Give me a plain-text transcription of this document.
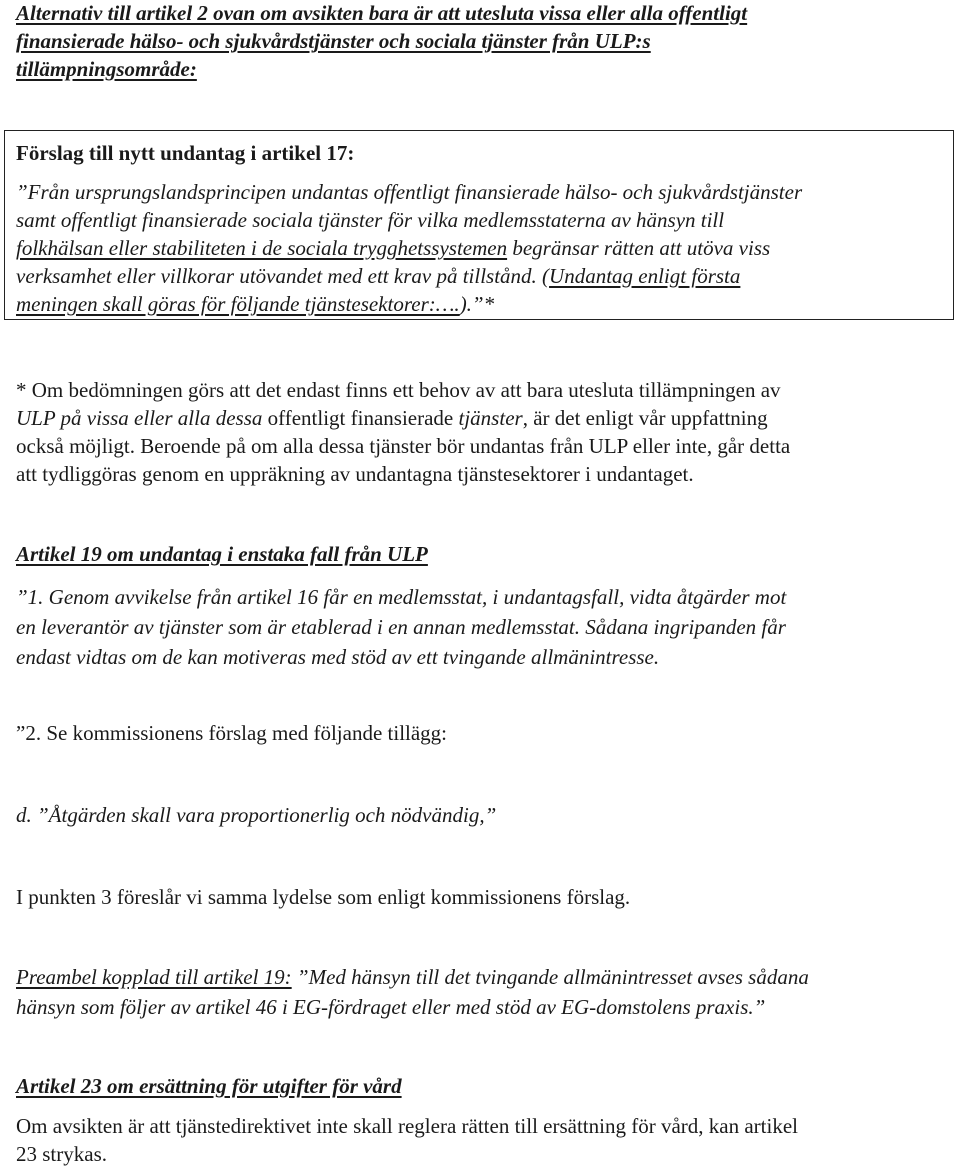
Alternativ till artikel 2 ovan om avsikten bara är att utesluta vissa eller alla offentligt
finansierade hälso- och sjukvårdstjänster och sociala tjänster från ULP:s
tillämpningsområde:
Förslag till nytt undantag i artikel 17:
”Från ursprungslandsprincipen undantas offentligt finansierade hälso- och sjukvårdstjänster
samt offentligt finansierade sociala tjänster för vilka medlemsstaterna av hänsyn till
folkhälsan eller stabiliteten i de sociala trygghetssystemen begränsar rätten att utöva viss
verksamhet eller villkorar utövandet med ett krav på tillstånd. (Undantag enligt första
meningen skall göras för följande tjänstesektorer:….).”*
* Om bedömningen görs att det endast finns ett behov av att bara utesluta tillämpningen av
ULP på vissa eller alla dessa offentligt finansierade tjänster, är det enligt vår uppfattning
också möjligt. Beroende på om alla dessa tjänster bör undantas från ULP eller inte, går detta
att tydliggöras genom en uppräkning av undantagna tjänstesektorer i undantaget.
Artikel 19 om undantag i enstaka fall från ULP
”1. Genom avvikelse från artikel 16 får en medlemsstat, i undantagsfall, vidta åtgärder mot
en leverantör av tjänster som är etablerad i en annan medlemsstat. Sådana ingripanden får
endast vidtas om de kan motiveras med stöd av ett tvingande allmänintresse.
”2. Se kommissionens förslag med följande tillägg:
d. ”Åtgärden skall vara proportionerlig och nödvändig,”
I punkten 3 föreslår vi samma lydelse som enligt kommissionens förslag.
Preambel kopplad till artikel 19: ”Med hänsyn till det tvingande allmänintresset avses sådana
hänsyn som följer av artikel 46 i EG-fördraget eller med stöd av EG-domstolens praxis.”
Artikel 23 om ersättning för utgifter för vård
Om avsikten är att tjänstedirektivet inte skall reglera rätten till ersättning för vård, kan artikel
23 strykas.
